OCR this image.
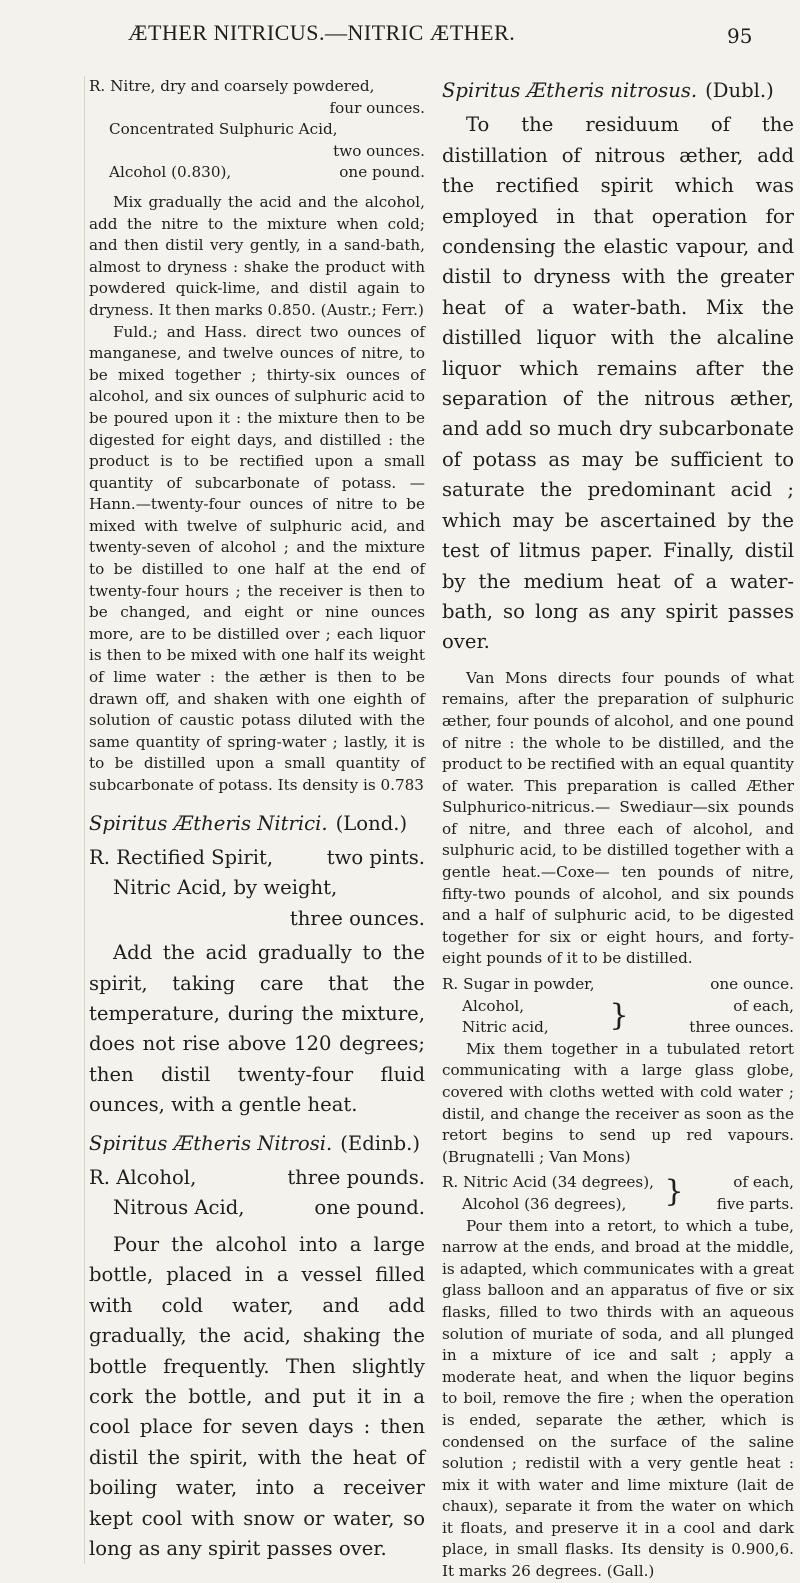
ÆTHER NITRICUS.—NITRIC ÆTHER.	95
R. Nitre, dry and coarsely powdered,
four ounces.
Concentrated Sulphuric Acid,
two ounces.
Alcohol (0.830),	one pound.

Mix gradually the acid and the alcohol, add the nitre to the mixture when cold; and then distil very gently, in a sand-bath, almost to dryness : shake the product with powdered quick-lime, and distil again to dryness. It then marks 0.850. (Austr.; Ferr.)

Fuld.; and Hass. direct two ounces of manganese, and twelve ounces of nitre, to be mixed together ; thirty-six ounces of alcohol, and six ounces of sulphuric acid to be poured upon it : the mixture then to be digested for eight days, and distilled : the product is to be rectified upon a small quantity of subcarbonate of potass. — Hann.—twenty-four ounces of nitre to be mixed with twelve of sulphuric acid, and twenty-seven of alcohol ; and the mixture to be distilled to one half at the end of twenty-four hours ; the receiver is then to be changed, and eight or nine ounces more, are to be distilled over ; each liquor is then to be mixed with one half its weight of lime water : the æther is then to be drawn off, and shaken with one eighth of solution of caustic potass diluted with the same quantity of spring-water ; lastly, it is to be distilled upon a small quantity of subcarbonate of potass. Its density is 0.783

Spiritus Ætheris Nitrici. (Lond.)
R. Rectified Spirit,	two pints.
Nitric Acid, by weight,
three ounces.

Add the acid gradually to the spirit, taking care that the temperature, during the mixture, does not rise above 120 degrees; then distil twenty-four fluid ounces, with a gentle heat.

Spiritus Ætheris Nitrosi. (Edinb.)
R. Alcohol,	three pounds.
Nitrous Acid,	one pound.

Pour the alcohol into a large bottle, placed in a vessel filled with cold water, and add gradually, the acid, shaking the bottle frequently. Then slightly cork the bottle, and put it in a cool place for seven days : then distil the spirit, with the heat of boiling water, into a receiver kept cool with snow or water, so long as any spirit passes over.

Spiritus Ætheris nitrosus. (Dubl.)

To the residuum of the distillation of nitrous æther, add the rectified spirit which was employed in that operation for condensing the elastic vapour, and distil to dryness with the greater heat of a water-bath. Mix the distilled liquor with the alcaline liquor which remains after the separation of the nitrous æther, and add so much dry subcarbonate of potass as may be sufficient to saturate the predominant acid ; which may be ascertained by the test of litmus paper. Finally, distil by the medium heat of a water-bath, so long as any spirit passes over.

Van Mons directs four pounds of what remains, after the preparation of sulphuric æther, four pounds of alcohol, and one pound of nitre : the whole to be distilled, and the product to be rectified with an equal quantity of water. This preparation is called Æther Sulphurico-nitricus.— Swediaur—six pounds of nitre, and three each of alcohol, and sulphuric acid, to be distilled together with a gentle heat.—Coxe— ten pounds of nitre, fifty-two pounds of alcohol, and six pounds and a half of sulphuric acid, to be digested together for six or eight hours, and forty-eight pounds of it to be distilled.

R. Sugar in powder,	one ounce.
Alcohol,
Nitric acid,	}	of each,
three ounces.

Mix them together in a tubulated retort communicating with a large glass globe, covered with cloths wetted with cold water ; distil, and change the receiver as soon as the retort begins to send up red vapours. (Brugnatelli ; Van Mons)

R. Nitric Acid (34 degrees),
Alcohol (36 degrees),	}	of each,
five parts.

Pour them into a retort, to which a tube, narrow at the ends, and broad at the middle, is adapted, which communicates with a great glass balloon and an apparatus of five or six flasks, filled to two thirds with an aqueous solution of muriate of soda, and all plunged in a mixture of ice and salt ; apply a moderate heat, and when the liquor begins to boil, remove the fire ; when the operation is ended, separate the æther, which is condensed on the surface of the saline solution ; redistil with a very gentle heat : mix it with water and lime mixture (lait de chaux), separate it from the water on which it floats, and preserve it in a cool and dark place, in small flasks. Its density is 0.900,6. It marks 26 degrees. (Gall.)
